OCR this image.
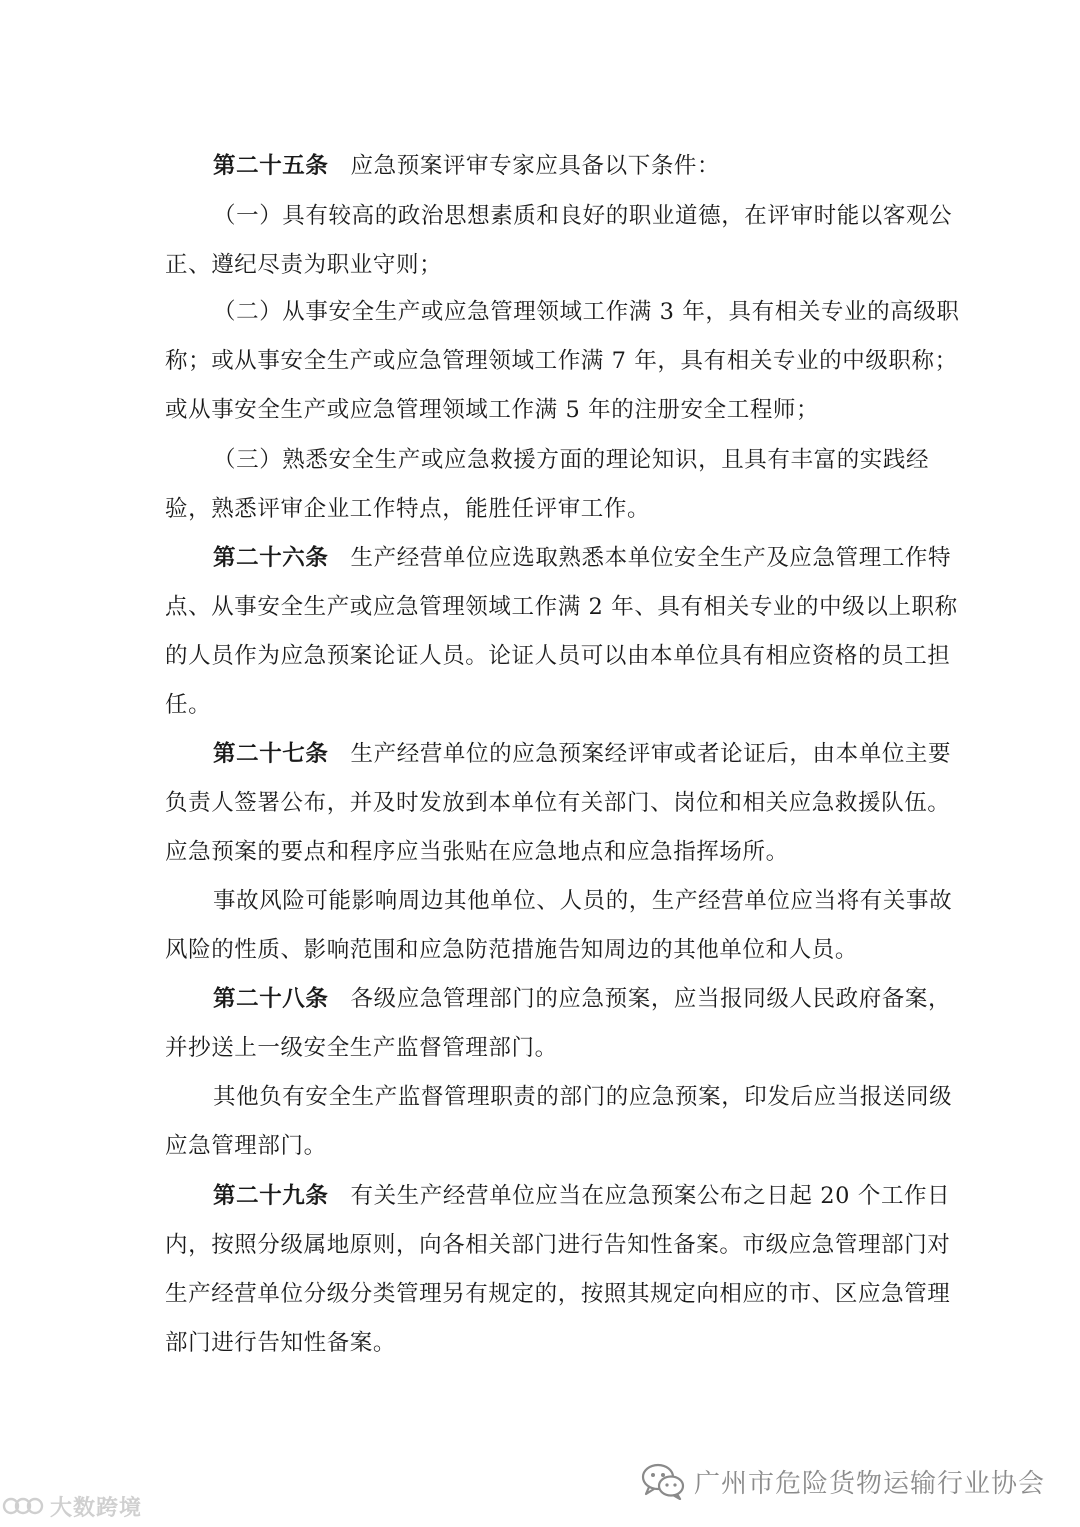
第二十五条 应急预案评审专家应具备以下条件：
（一）具有较高的政治思想素质和良好的职业道德，在评审时能以客观公
正、遵纪尽责为职业守则；
（二）从事安全生产或应急管理领域工作满 3 年，具有相关专业的高级职
称；或从事安全生产或应急管理领域工作满 7 年，具有相关专业的中级职称；
或从事安全生产或应急管理领域工作满 5 年的注册安全工程师；
（三）熟悉安全生产或应急救援方面的理论知识，且具有丰富的实践经
验，熟悉评审企业工作特点，能胜任评审工作。
第二十六条 生产经营单位应选取熟悉本单位安全生产及应急管理工作特
点、从事安全生产或应急管理领域工作满 2 年、具有相关专业的中级以上职称
的人员作为应急预案论证人员。论证人员可以由本单位具有相应资格的员工担
任。
第二十七条 生产经营单位的应急预案经评审或者论证后，由本单位主要
负责人签署公布，并及时发放到本单位有关部门、岗位和相关应急救援队伍。
应急预案的要点和程序应当张贴在应急地点和应急指挥场所。
事故风险可能影响周边其他单位、人员的，生产经营单位应当将有关事故
风险的性质、影响范围和应急防范措施告知周边的其他单位和人员。
第二十八条 各级应急管理部门的应急预案，应当报同级人民政府备案，
并抄送上一级安全生产监督管理部门。
其他负有安全生产监督管理职责的部门的应急预案，印发后应当报送同级
应急管理部门。
第二十九条 有关生产经营单位应当在应急预案公布之日起 20 个工作日
内，按照分级属地原则，向各相关部门进行告知性备案。市级应急管理部门对
生产经营单位分级分类管理另有规定的，按照其规定向相应的市、区应急管理
部门进行告知性备案。
广州市危险货物运输行业协会
大数跨境
